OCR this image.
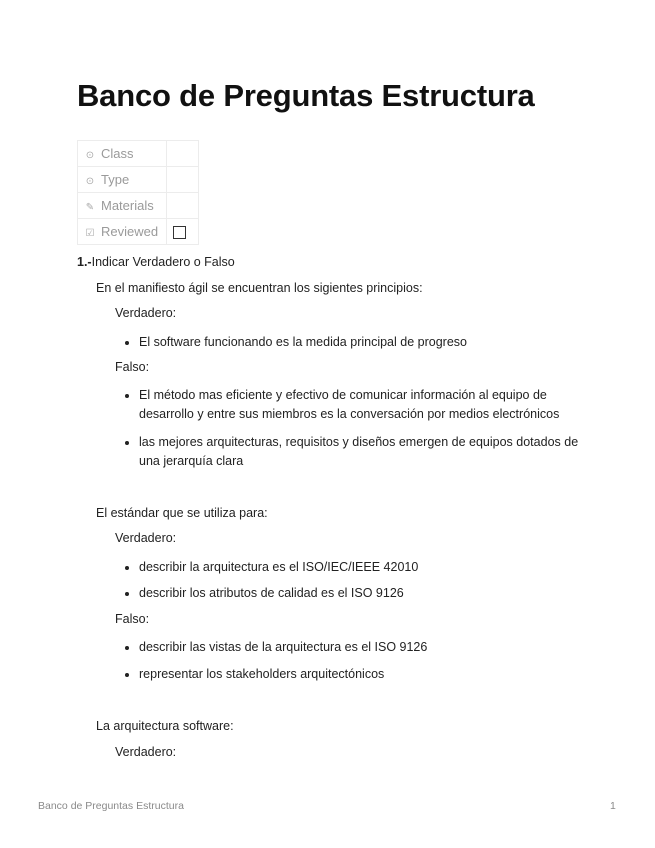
Banco de Preguntas Estructura
⊙ Class	
⊙ Type	
✎ Materials	
☑ Reviewed	
1.-Indicar Verdadero o Falso
En el manifiesto ágil se encuentran los sigientes principios:
Verdadero:
El software funcionando es la medida principal de progreso
Falso:
El método mas eficiente y efectivo de comunicar información al equipo de desarrollo y entre sus miembros es la conversación por medios electrónicos
las mejores arquitecturas, requisitos y diseños emergen de equipos dotados de una jerarquía clara
El estándar que se utiliza para:
Verdadero:
describir la arquitectura es el ISO/IEC/IEEE 42010
describir los atributos de calidad es el ISO 9126
Falso:
describir las vistas de la arquitectura es el ISO 9126
representar los stakeholders arquitectónicos
La arquitectura software:
Verdadero:
Banco de Preguntas Estructura	1
